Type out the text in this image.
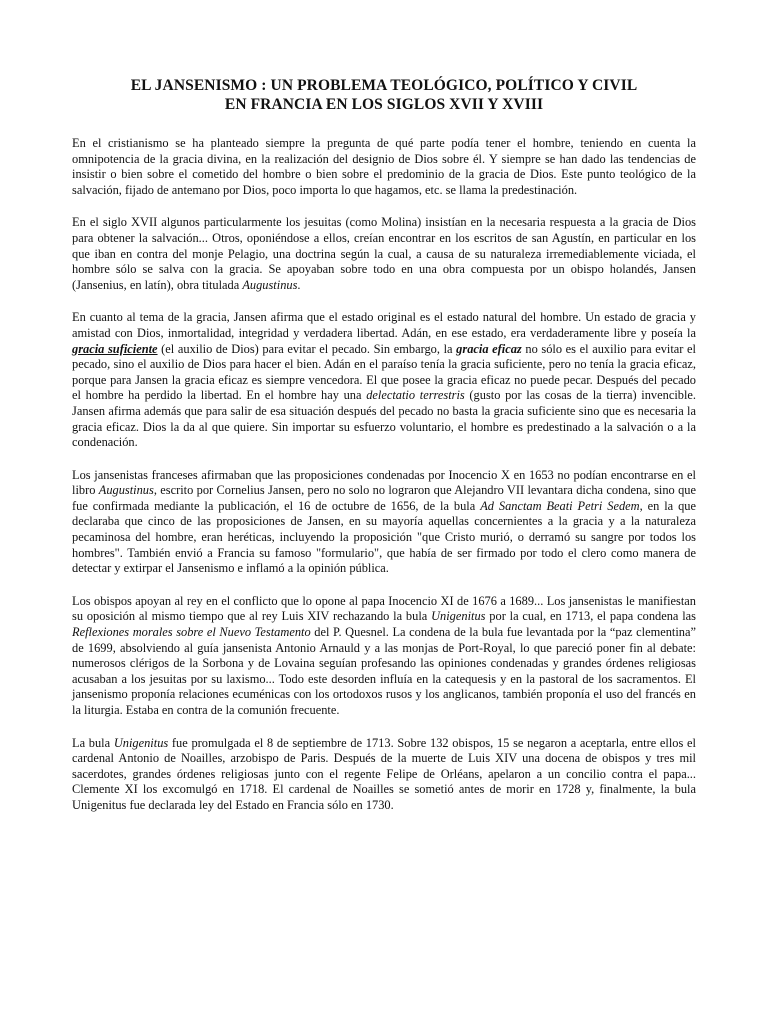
EL JANSENISMO : UN PROBLEMA TEOLÓGICO, POLÍTICO Y CIVIL
EN FRANCIA EN LOS SIGLOS XVII Y XVIII

En el cristianismo se ha planteado siempre la pregunta de qué parte podía tener el hombre, teniendo en cuenta la omnipotencia de la gracia divina, en la realización del designio de Dios sobre él. Y siempre se han dado las tendencias de insistir o bien sobre el cometido del hombre o bien sobre el predominio de la gracia de Dios. Este punto teológico de la salvación, fijado de antemano por Dios, poco importa lo que hagamos, etc. se llama la predestinación.

En el siglo XVII algunos particularmente los jesuitas (como Molina) insistían en la necesaria respuesta a la gracia de Dios para obtener la salvación... Otros, oponiéndose a ellos, creían encontrar en los escritos de san Agustín, en particular en los que iban en contra del monje Pelagio, una doctrina según la cual, a causa de su naturaleza irremediablemente viciada, el hombre sólo se salva con la gracia. Se apoyaban sobre todo en una obra compuesta por un obispo holandés, Jansen (Jansenius, en latín), obra titulada Augustinus.

En cuanto al tema de la gracia, Jansen afirma que el estado original es el estado natural del hombre. Un estado de gracia y amistad con Dios, inmortalidad, integridad y verdadera libertad. Adán, en ese estado, era verdaderamente libre y poseía la gracia suficiente (el auxilio de Dios) para evitar el pecado. Sin embargo, la gracia eficaz no sólo es el auxilio para evitar el pecado, sino el auxilio de Dios para hacer el bien. Adán en el paraíso tenía la gracia suficiente, pero no tenía la gracia eficaz, porque para Jansen la gracia eficaz es siempre vencedora. El que posee la gracia eficaz no puede pecar. Después del pecado el hombre ha perdido la libertad. En el hombre hay una delectatio terrestris (gusto por las cosas de la tierra) invencible. Jansen afirma además que para salir de esa situación después del pecado no basta la gracia suficiente sino que es necesaria la gracia eficaz. Dios la da al que quiere. Sin importar su esfuerzo voluntario, el hombre es predestinado a la salvación o a la condenación.

Los jansenistas franceses afirmaban que las proposiciones condenadas por Inocencio X en 1653 no podían encontrarse en el libro Augustinus, escrito por Cornelius Jansen, pero no solo no lograron que Alejandro VII levantara dicha condena, sino que fue confirmada mediante la publicación, el 16 de octubre de 1656, de la bula Ad Sanctam Beati Petri Sedem, en la que declaraba que cinco de las proposiciones de Jansen, en su mayoría aquellas concernientes a la gracia y a la naturaleza pecaminosa del hombre, eran heréticas, incluyendo la proposición "que Cristo murió, o derramó su sangre por todos los hombres". También envió a Francia su famoso "formulario", que había de ser firmado por todo el clero como manera de detectar y extirpar el Jansenismo e inflamó a la opinión pública.

Los obispos apoyan al rey en el conflicto que lo opone al papa Inocencio XI de 1676 a 1689... Los jansenistas le manifiestan su oposición al mismo tiempo que al rey Luis XIV rechazando la bula Unigenitus por la cual, en 1713, el papa condena las Reflexiones morales sobre el Nuevo Testamento del P. Quesnel. La condena de la bula fue levantada por la “paz clementina” de 1699, absolviendo al guía jansenista Antonio Arnauld y a las monjas de Port-Royal, lo que pareció poner fin al debate: numerosos clérigos de la Sorbona y de Lovaina seguían profesando las opiniones condenadas y grandes órdenes religiosas acusaban a los jesuitas por su laxismo... Todo este desorden influía en la catequesis y en la pastoral de los sacramentos. El jansenismo proponía relaciones ecuménicas con los ortodoxos rusos y los anglicanos, también proponía el uso del francés en la liturgia. Estaba en contra de la comunión frecuente.

La bula Unigenitus fue promulgada el 8 de septiembre de 1713. Sobre 132 obispos, 15 se negaron a aceptarla, entre ellos el cardenal Antonio de Noailles, arzobispo de Paris. Después de la muerte de Luis XIV una docena de obispos y tres mil sacerdotes, grandes órdenes religiosas junto con el regente Felipe de Orléans, apelaron a un concilio contra el papa... Clemente XI los excomulgó en 1718. El cardenal de Noailles se sometió antes de morir en 1728 y, finalmente, la bula Unigenitus fue declarada ley del Estado en Francia sólo en 1730.
